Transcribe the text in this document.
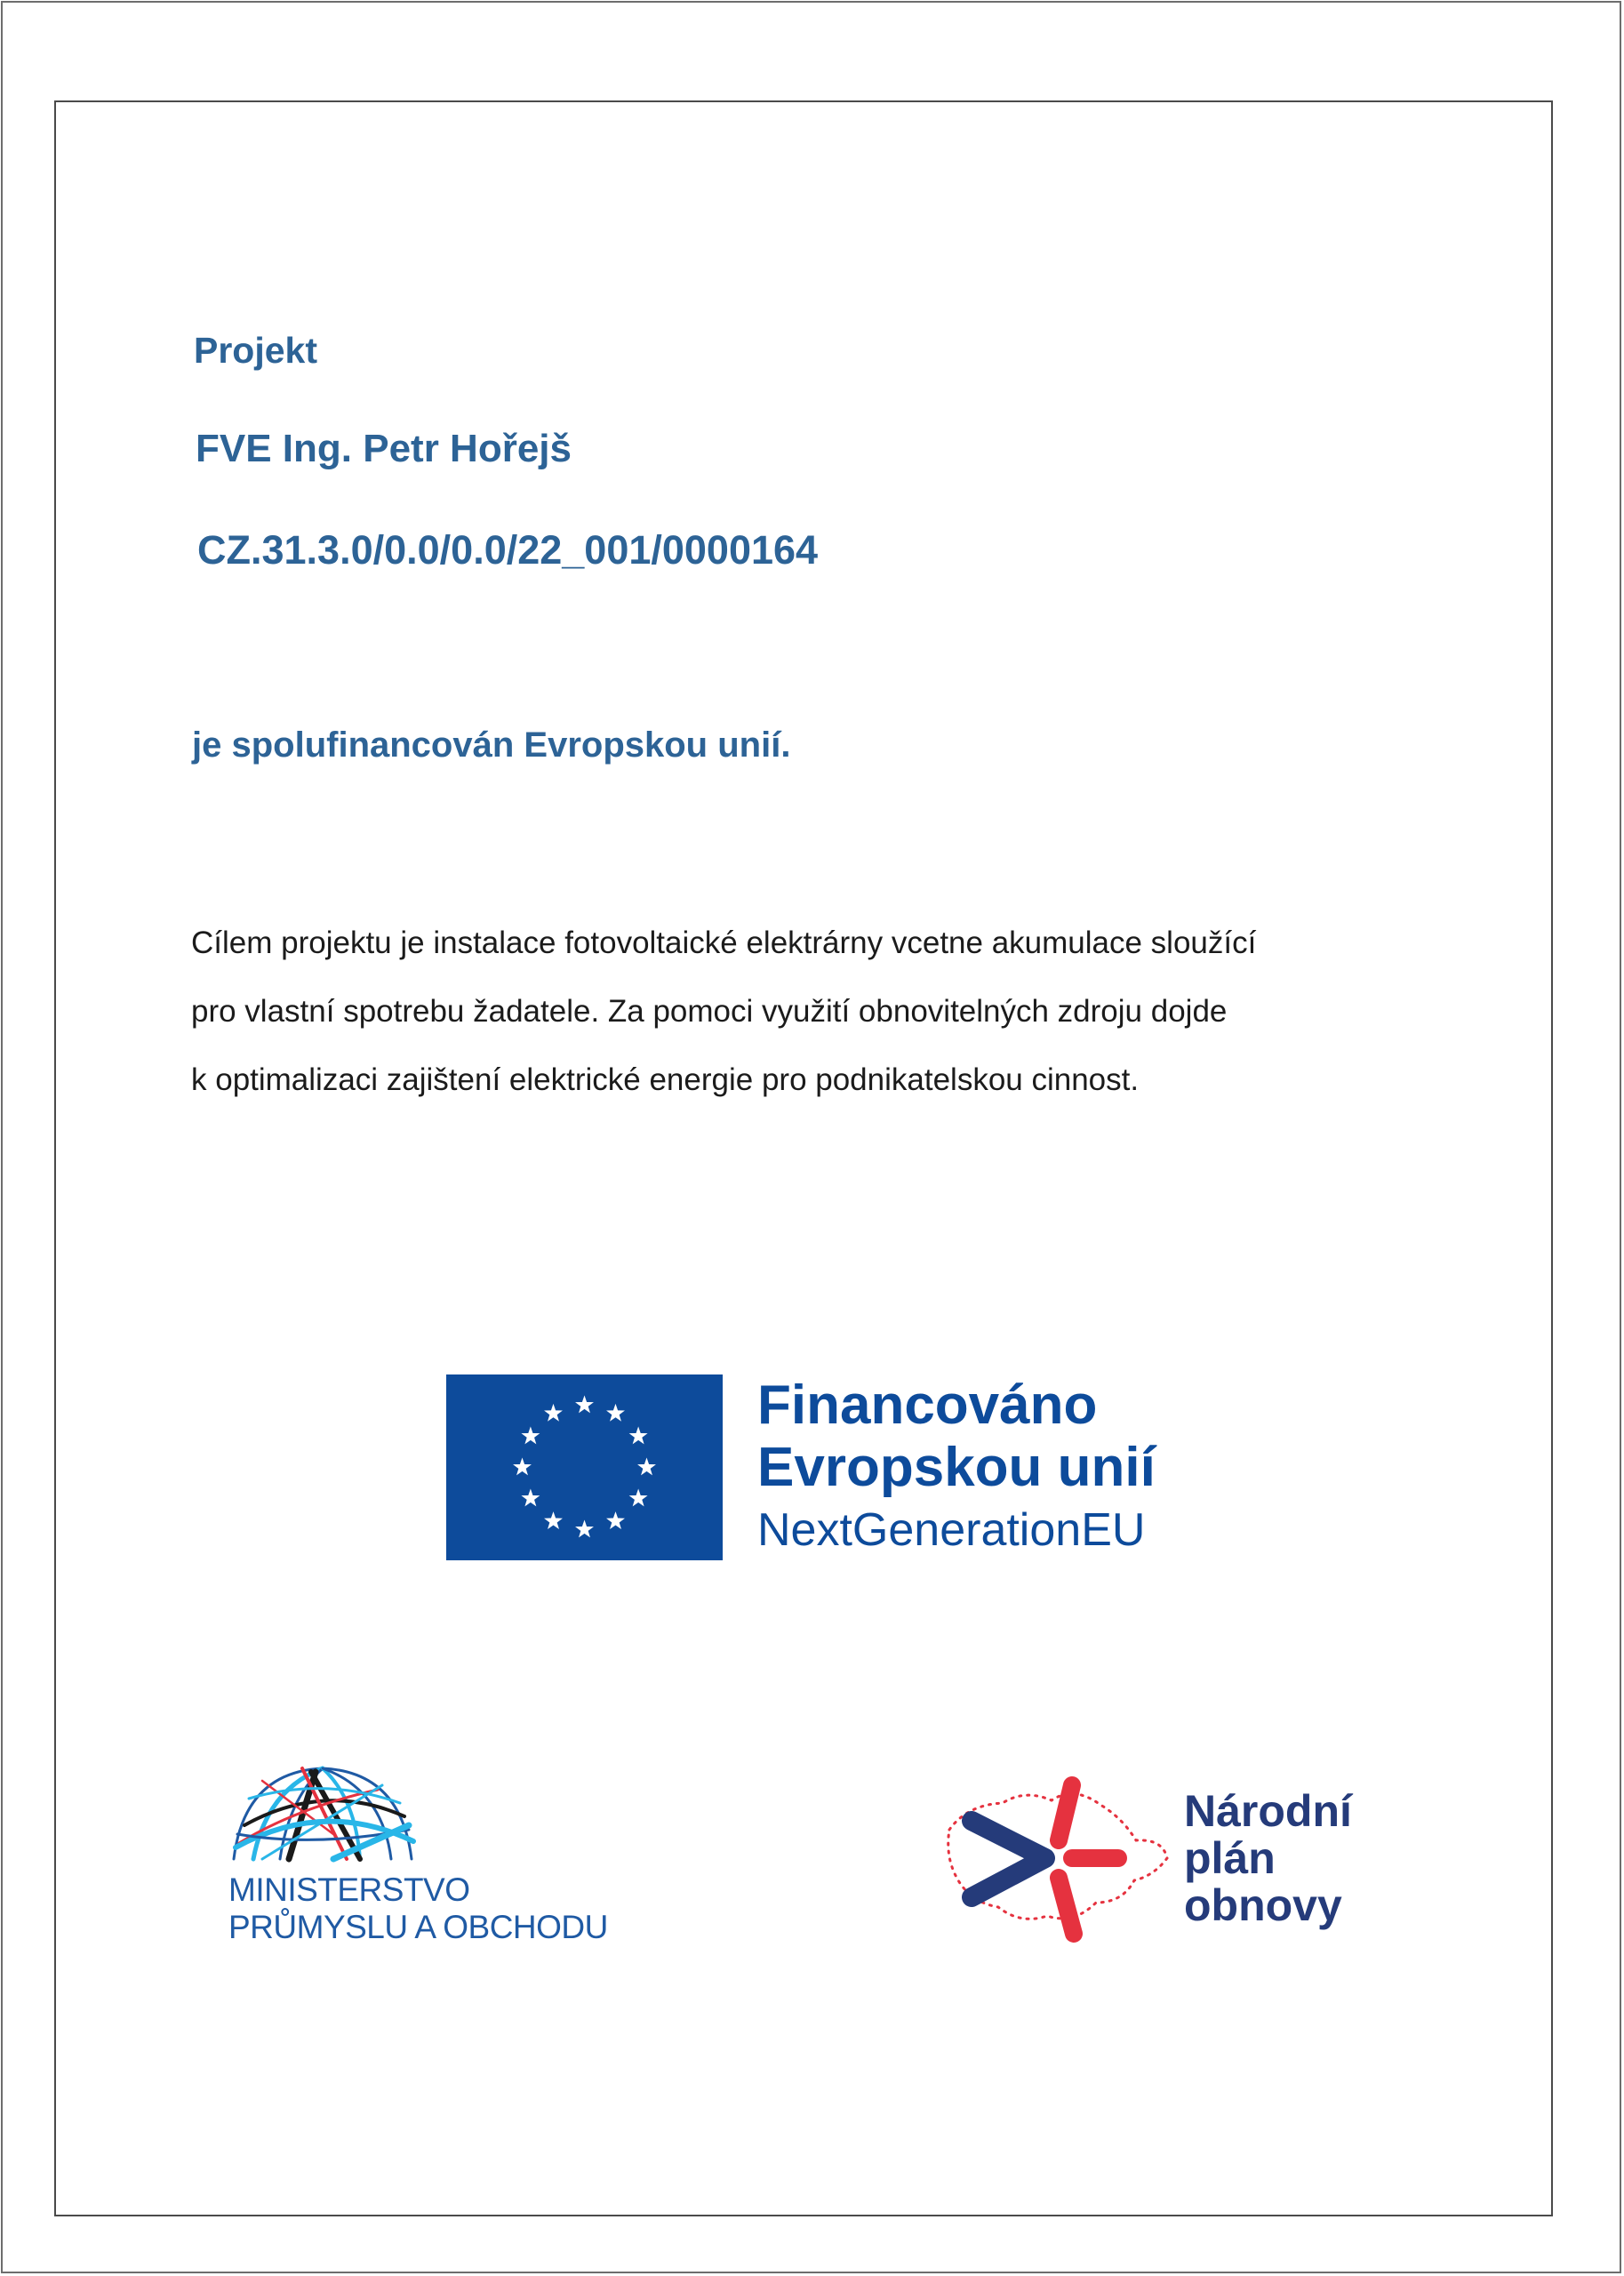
Projekt

FVE Ing. Petr Hořejš

CZ.31.3.0/0.0/0.0/22_001/0000164

je spolufinancován Evropskou unií.

Cílem projektu je instalace fotovoltaické elektrárny vcetne akumulace sloužící
pro vlastní spotrebu žadatele. Za pomoci využití obnovitelných zdroju dojde
k optimalizaci zajištení elektrické energie pro podnikatelskou cinnost.

Financováno
Evropskou unií
NextGenerationEU
MINISTERSTVO
PRŮMYSLU A OBCHODU
Národní
plán
obnovy
